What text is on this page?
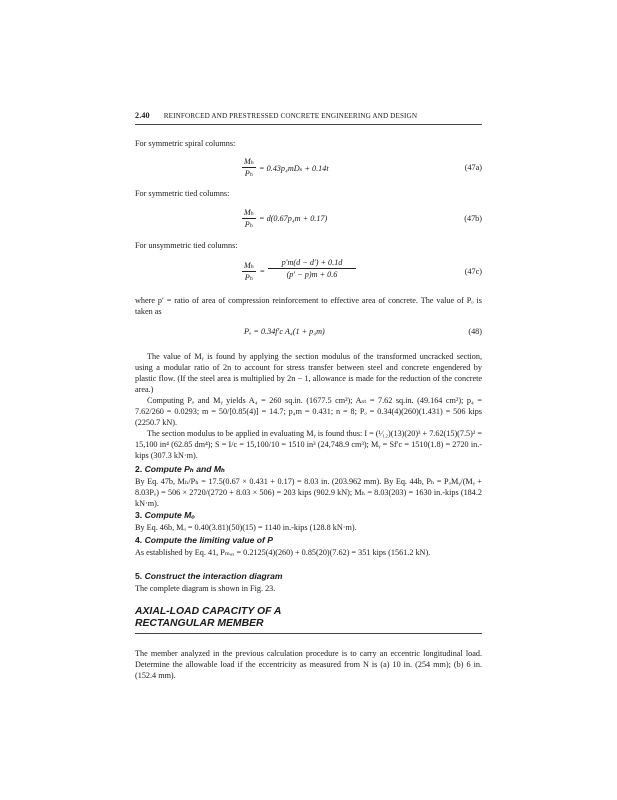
2.40 REINFORCED AND PRESTRESSED CONCRETE ENGINEERING AND DESIGN
For symmetric spiral columns:
$\frac{\text{Mₕ}}{\text{Pₕ}} = 0.43p_4mD_s + 0.14t$	(47a)
For symmetric tied columns:
$\frac{\text{Mₕ}}{\text{Pₕ}} = d(0.67p_4m + 0.17)$	(47b)
For unsymmetric tied columns:
$\frac{\text{Mₕ}}{\text{Pₕ}} = \frac{p'm(d - d') + 0.1d}{(p' - p)m + 0.6}$	(47c)
where p′ = ratio of area of compression reinforcement to effective area of concrete. The value of Pₒ is taken as
Pₒ = 0.34f′c A₄(1 + p₄m)	(48)
The value of Mᵧ is found by applying the section modulus of the transformed uncracked section, using a modular ratio of 2n to account for stress transfer between steel and concrete engendered by plastic flow. (If the steel area is multiplied by 2n − 1, allowance is made for the reduction of the concrete area.)
Computing Pₒ and Mᵧ yields A₄ = 260 sq.in. (1677.5 cm²); Aₛₜ = 7.62 sq.in. (49.164 cm²); p₄ = 7.62/260 = 0.0293; m = 50/[0.85(4)] = 14.7; p₄m = 0.431; n = 8; Pₒ = 0.34(4)(260)(1.431) = 506 kips (2250.7 kN).
The section modulus to be applied in evaluating Mᵧ is found thus: I = (¹⁄₁₂)(13)(20)³ + 7.62(15)(7.5)² = 15,100 in⁴ (62.85 dm⁴); S = I/c = 15,100/10 = 1510 in³ (24,748.9 cm³); Mᵧ = Sf′c = 1510(1.8) = 2720 in.-kips (307.3 kN·m).
2. Compute Pₕ and Mₕ
By Eq. 47b, Mₕ/Pₕ = 17.5(0.67 × 0.431 + 0.17) = 8.03 in. (203.962 mm). By Eq. 44b, Pₕ = PₒMᵧ/(Mᵧ + 8.03Pₒ) = 506 × 2720/(2720 + 8.03 × 506) = 203 kips (902.9 kN); Mₕ = 8.03(203) = 1630 in.-kips (184.2 kN·m).
3. Compute Mₒ
By Eq. 46b, Mₒ = 0.40(3.81)(50)(15) = 1140 in.-kips (128.8 kN·m).
4. Compute the limiting value of P
As established by Eq. 41, Pₘₐₓ = 0.2125(4)(260) + 0.85(20)(7.62) = 351 kips (1561.2 kN).
5. Construct the interaction diagram
The complete diagram is shown in Fig. 23.
AXIAL-LOAD CAPACITY OF A
RECTANGULAR MEMBER
The member analyzed in the previous calculation procedure is to carry an eccentric longitudinal load. Determine the allowable load if the eccentricity as measured from N is (a) 10 in. (254 mm); (b) 6 in. (152.4 mm).
